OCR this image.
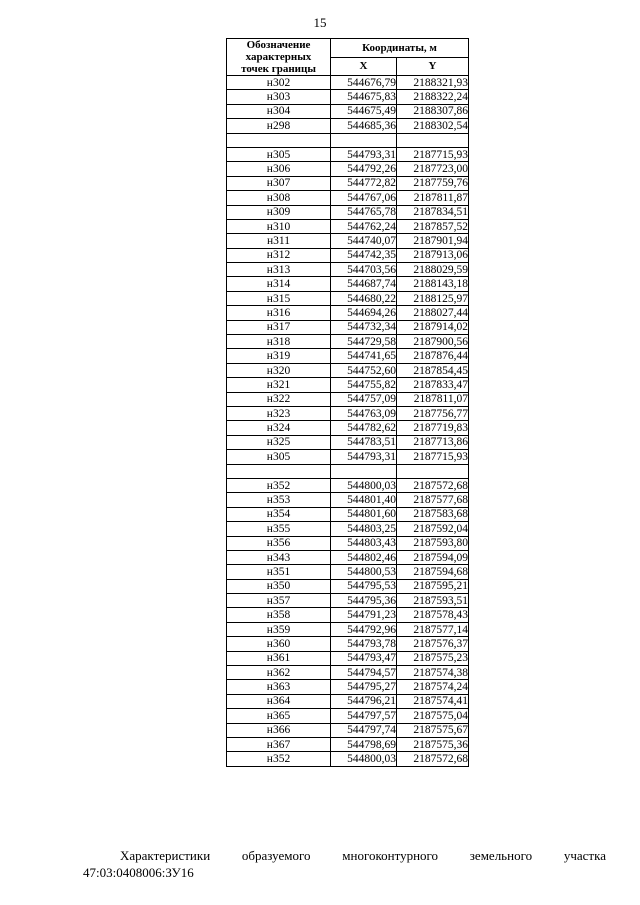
15
Обозначение
характерных
точек границы	Координаты, м	
	X	Y
н302	544676,79	2188321,93
н303	544675,83	2188322,24
н304	544675,49	2188307,86
н298	544685,36	2188302,54

н305	544793,31	2187715,93
н306	544792,26	2187723,00
н307	544772,82	2187759,76
н308	544767,06	2187811,87
н309	544765,78	2187834,51
н310	544762,24	2187857,52
н311	544740,07	2187901,94
н312	544742,35	2187913,06
н313	544703,56	2188029,59
н314	544687,74	2188143,18
н315	544680,22	2188125,97
н316	544694,26	2188027,44
н317	544732,34	2187914,02
н318	544729,58	2187900,56
н319	544741,65	2187876,44
н320	544752,60	2187854,45
н321	544755,82	2187833,47
н322	544757,09	2187811,07
н323	544763,09	2187756,77
н324	544782,62	2187719,83
н325	544783,51	2187713,86
н305	544793,31	2187715,93

н352	544800,03	2187572,68
н353	544801,40	2187577,68
н354	544801,60	2187583,68
н355	544803,25	2187592,04
н356	544803,43	2187593,80
н343	544802,46	2187594,09
н351	544800,53	2187594,68
н350	544795,53	2187595,21
н357	544795,36	2187593,51
н358	544791,23	2187578,43
н359	544792,96	2187577,14
н360	544793,78	2187576,37
н361	544793,47	2187575,23
н362	544794,57	2187574,38
н363	544795,27	2187574,24
н364	544796,21	2187574,41
н365	544797,57	2187575,04
н366	544797,74	2187575,67
н367	544798,69	2187575,36
н352	544800,03	2187572,68
Характеристики образуемого многоконтурного земельного участка
47:03:0408006:ЗУ16
